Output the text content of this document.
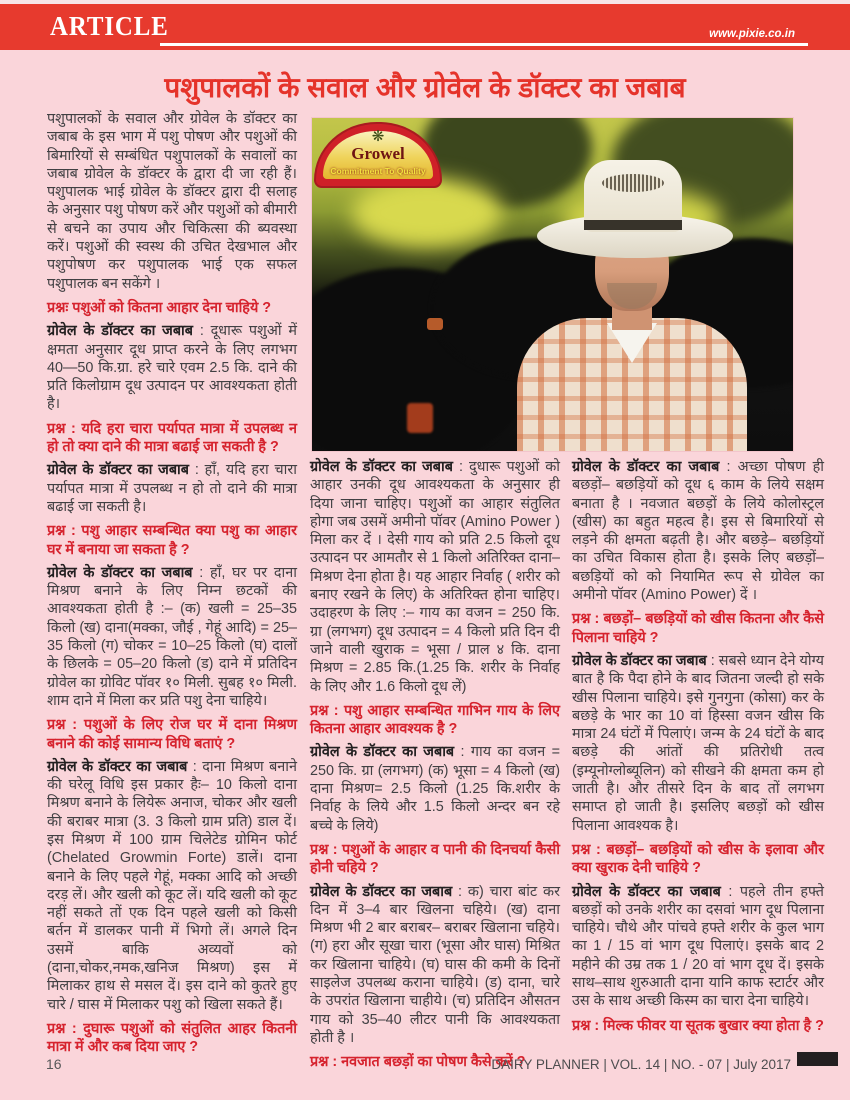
ARTICLE	www.pixie.co.in
पशुपालकों के सवाल और ग्रोवेल के डॉक्टर का जबाब
❋
Growel
Commitment To Quality

पशुपालकों के सवाल और ग्रोवेल के डॉक्टर का जबाब के इस भाग में पशु पोषण और पशुओं की बिमारियों से सम्बंधित पशुपालकों के सवालों का जबाब ग्रोवेल के डॉक्टर के द्वारा दी जा रही हैं। पशुपालक भाई ग्रोवेल के डॉक्टर द्वारा दी सलाह के अनुसार पशु पोषण करें और पशुओं को बीमारी से बचने का उपाय और चिकित्सा की ब्यवस्था करें। पशुओं की स्वस्थ की उचित देखभाल और पशुपोषण कर पशुपालक भाई एक सफल पशुपालक बन सकेंगे ।

प्रश्नः पशुओं को कितना आहार देना चाहिये ?

ग्रोवेल के डॉक्टर का जबाब : दूधारू पशुओं में क्षमता अनुसार दूध प्राप्त करने के लिए लगभग 40—50 कि.ग्रा. हरे चारे एवम 2.5 कि. दाने की प्रति किलोग्राम दूध उत्पादन पर आवश्यकता होती है।

प्रश्न : यदि हरा चारा पर्यापत मात्रा में उपलब्ध न हो तो क्या दाने की मात्रा बढाई जा सकती है ?

ग्रोवेल के डॉक्टर का जबाब : हाँ, यदि हरा चारा पर्यापत मात्रा में उपलब्ध न हो तो दाने की मात्रा बढाई जा सकती है।

प्रश्न : पशु आहार सम्बन्धित क्या पशु का आहार घर में बनाया जा सकता है ?

ग्रोवेल के डॉक्टर का जबाब : हाँ, घर पर दाना मिश्रण बनाने के लिए निम्न छटकों की आवश्यकता होती है :– (क) खली = 25–35 किलो (ख) दाना(मक्का, जौई , गेहूं आदि) = 25–35 किलो (ग) चोकर = 10–25 किलो (घ) दालों के छिलके = 05–20 किलो (ड) दाने में प्रतिदिन ग्रोवेल का ग्रोविट पॉवर १० मिली. सुबह १० मिली. शाम दाने में मिला कर प्रति पशु देना चाहिये।

प्रश्न : पशुओं के लिए रोज घर में दाना मिश्रण बनाने की कोई सामान्य विधि बताएं ?

ग्रोवेल के डॉक्टर का जबाब : दाना मिश्रण बनाने की घरेलू विधि इस प्रकार हैः– 10 किलो दाना मिश्रण बनाने के लियेरू अनाज, चोकर और खली की बराबर मात्रा (3. 3 किलो ग्राम प्रति) डाल दें। इस मिश्रण में 100 ग्राम चिलेटेड ग्रोमिन फोर्ट (Chelated Growmin Forte) डालें। दाना बनाने के लिए पहले गेहूं, मक्का आदि को अच्छी दरड़ लें। और खली को कूट लें। यदि खली को कूट नहीं सकते तों एक दिन पहले खली को किसी बर्तन में डालकर पानी में भिगो लें। अगले दिन उसमें बाकि अव्यवों को (दाना,चोकर,नमक,खनिज मिश्रण) इस में मिलाकर हाथ से मसल दें। इस दाने को कुतरे हुए चारे / घास में मिलाकर पशु को खिला सकते हैं।

प्रश्न : दुघारू पशुओं को संतुलित आहर कितनी मात्रा में और कब दिया जाए ?

ग्रोवेल के डॉक्टर का जबाब : दुधारू पशुओं को आहार उनकी दूध आवश्यकता के अनुसार ही दिया जाना चाहिए। पशुओं का आहार संतुलित होगा जब उसमें अमीनो पॉवर (Amino Power ) मिला कर दें । देसी गाय को प्रति 2.5 किलो दूध उत्पादन पर आमतौर से 1 किलो अतिरिक्त दाना–मिश्रण देना होता है। यह आहार निर्वाह ( शरीर को बनाए रखने के लिए) के अतिरिक्त होना चाहिए। उदाहरण के लिए :– गाय का वजन = 250 कि. ग्रा (लगभग) दूध उत्पादन = 4 किलो प्रति दिन दी जाने वाली खुराक = भूसा / प्राल ४ कि. दाना मिश्रण = 2.85 कि.(1.25 कि. शरीर के निर्वाह के लिए और 1.6 किलो दूध लें)

प्रश्न : पशु आहार सम्बन्धित गाभिन गाय के लिए कितना आहार आवश्यक है ?

ग्रोवेल के डॉक्टर का जबाब : गाय का वजन = 250 कि. ग्रा (लगभग) (क) भूसा = 4 किलो (ख) दाना मिश्रण= 2.5 किलो (1.25 कि.शरीर के निर्वाह के लिये और 1.5 किलो अन्दर बन रहे बच्चे के लिये)

प्रश्न : पशुओं के आहार व पानी की दिनचर्या कैसी होनी चहिये ?

ग्रोवेल के डॉक्टर का जबाब : क) चारा बांट कर दिन में 3–4 बार खिलना चहिये। (ख) दाना मिश्रण भी 2 बार बराबर– बराबर खिलाना चहिये। (ग) हरा और सूखा चारा (भूसा और घास) मिश्रित कर खिलाना चाहिये। (घ) घास की कमी के दिनों साइलेज उपलब्ध कराना चाहिये। (ड) दाना, चारे के उपरांत खिलाना चाहीये। (च) प्रतिदिन औसतन गाय को 35–40 लीटर पानी कि आवश्यकता होती है ।

प्रश्न : नवजात बछड़ों का पोषण कैसे करें ?

ग्रोवेल के डॉक्टर का जबाब : अच्छा पोषण ही बछड़ों– बछड़ियों को दूध ६ काम के लिये सक्षम बनाता है । नवजात बछड़ों के लिये कोलोस्ट्रल (खीस) का बहुत महत्व है। इस से बिमारियों से लड़ने की क्षमता बढ़ती है। और बछड़े– बछड़ियों का उचित विकास होता है। इसके लिए बछड़ों– बछड़ियों को को नियामित रूप से ग्रोवेल का अमीनो पॉवर (Amino Power) दें ।

प्रश्न : बछड़ों– बछड़ियों को खीस कितना और कैसे पिलाना चाहिये ?

ग्रोवेल के डॉक्टर का जबाब : सबसे ध्यान देने योग्य बात है कि पैदा होने के बाद जितना जल्दी हो सके खीस पिलाना चाहिये। इसे गुनगुना (कोसा) कर के बछड़े के भार का 10 वां हिस्सा वजन खीस कि मात्रा 24 घंटों में पिलाएं। जन्म के 24 घंटों के बाद बछड़े की आंतों की प्रतिरोधी तत्व (इम्यूनोग्लोब्यूलिन) को सीखने की क्षमता कम हो जाती है। और तीसरे दिन के बाद तों लगभग समाप्त हो जाती है। इसलिए बछड़ों को खीस पिलाना आवश्यक है।

प्रश्न : बछड़ों– बछड़ियों को खीस के इलावा और क्या खुराक देनी चाहिये ?

ग्रोवेल के डॉक्टर का जबाब : पहले तीन हफ्ते बछड़ों को उनके शरीर का दसवां भाग दूध पिलाना चाहिये। चौथे और पांचवे हफ्ते शरीर के कुल भाग का 1 / 15 वां भाग दूध पिलाएं। इसके बाद 2 महीने की उम्र तक 1 / 20 वां भाग दूध दें। इसके साथ–साथ शुरुआती दाना यानि काफ स्टार्टर और उस के साथ अच्छी किस्म का चारा देना चाहिये।

प्रश्न : मिल्क फीवर या सूतक बुखार क्या होता है ?

16	DAIRY PLANNER | VOL. 14 | NO. - 07 | July 2017
